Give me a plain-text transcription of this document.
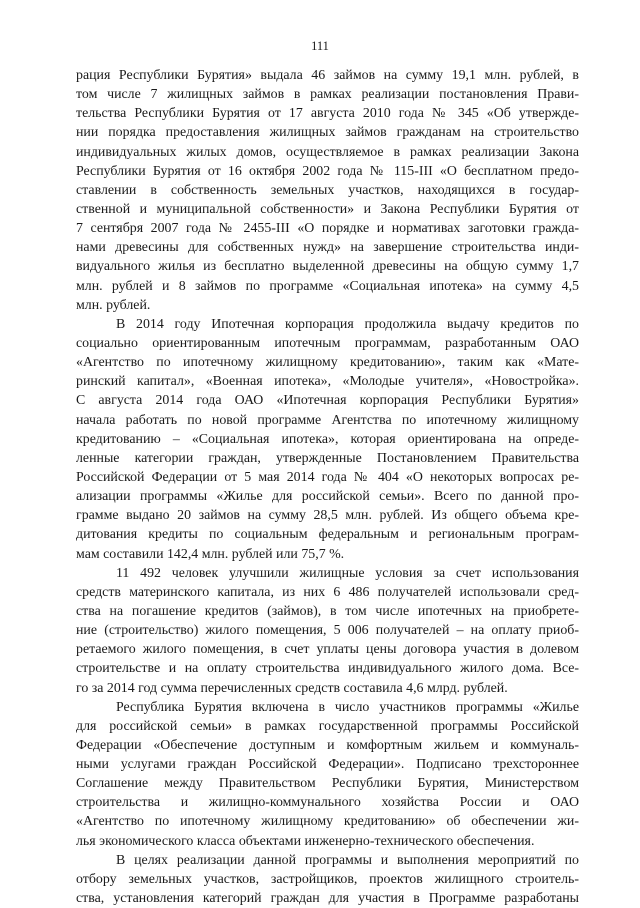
111
рация Республики Бурятия» выдала 46 займов на сумму 19,1 млн. рублей, в
том числе 7 жилищных займов в рамках реализации постановления Прави-
тельства Республики Бурятия от 17 августа 2010 года № 345 «Об утвержде-
нии порядка предоставления жилищных займов гражданам на строительство
индивидуальных жилых домов, осуществляемое в рамках реализации Закона
Республики Бурятия от 16 октября 2002 года № 115-III «О бесплатном предо-
ставлении в собственность земельных участков, находящихся в государ-
ственной и муниципальной собственности» и Закона Республики Бурятия от
7 сентября 2007 года № 2455-III «О порядке и нормативах заготовки гражда-
нами древесины для собственных нужд» на завершение строительства инди-
видуального жилья из бесплатно выделенной древесины на общую сумму 1,7
млн. рублей и 8 займов по программе «Социальная ипотека» на сумму 4,5
млн. рублей.
В 2014 году Ипотечная корпорация продолжила выдачу кредитов по
социально ориентированным ипотечным программам, разработанным ОАО
«Агентство по ипотечному жилищному кредитованию», таким как «Мате-
ринский капитал», «Военная ипотека», «Молодые учителя», «Новостройка».
С августа 2014 года ОАО «Ипотечная корпорация Республики Бурятия»
начала работать по новой программе Агентства по ипотечному жилищному
кредитованию – «Социальная ипотека», которая ориентирована на опреде-
ленные категории граждан, утвержденные Постановлением Правительства
Российской Федерации от 5 мая 2014 года № 404 «О некоторых вопросах ре-
ализации программы «Жилье для российской семьи». Всего по данной про-
грамме выдано 20 займов на сумму 28,5 млн. рублей. Из общего объема кре-
дитования кредиты по социальным федеральным и региональным програм-
мам составили 142,4 млн. рублей или 75,7 %.
11 492 человек улучшили жилищные условия за счет использования
средств материнского капитала, из них 6 486 получателей использовали сред-
ства на погашение кредитов (займов), в том числе ипотечных на приобрете-
ние (строительство) жилого помещения, 5 006 получателей – на оплату приоб-
ретаемого жилого помещения, в счет уплаты цены договора участия в долевом
строительстве и на оплату строительства индивидуального жилого дома. Все-
го за 2014 год сумма перечисленных средств составила 4,6 млрд. рублей.
Республика Бурятия включена в число участников программы «Жилье
для российской семьи» в рамках государственной программы Российской
Федерации «Обеспечение доступным и комфортным жильем и коммуналь-
ными услугами граждан Российской Федерации». Подписано трехстороннее
Соглашение между Правительством Республики Бурятия, Министерством
строительства и жилищно-коммунального хозяйства России и ОАО
«Агентство по ипотечному жилищному кредитованию» об обеспечении жи-
лья экономического класса объектами инженерно-технического обеспечения.
В целях реализации данной программы и выполнения мероприятий по
отбору земельных участков, застройщиков, проектов жилищного строитель-
ства, установления категорий граждан для участия в Программе разработаны
